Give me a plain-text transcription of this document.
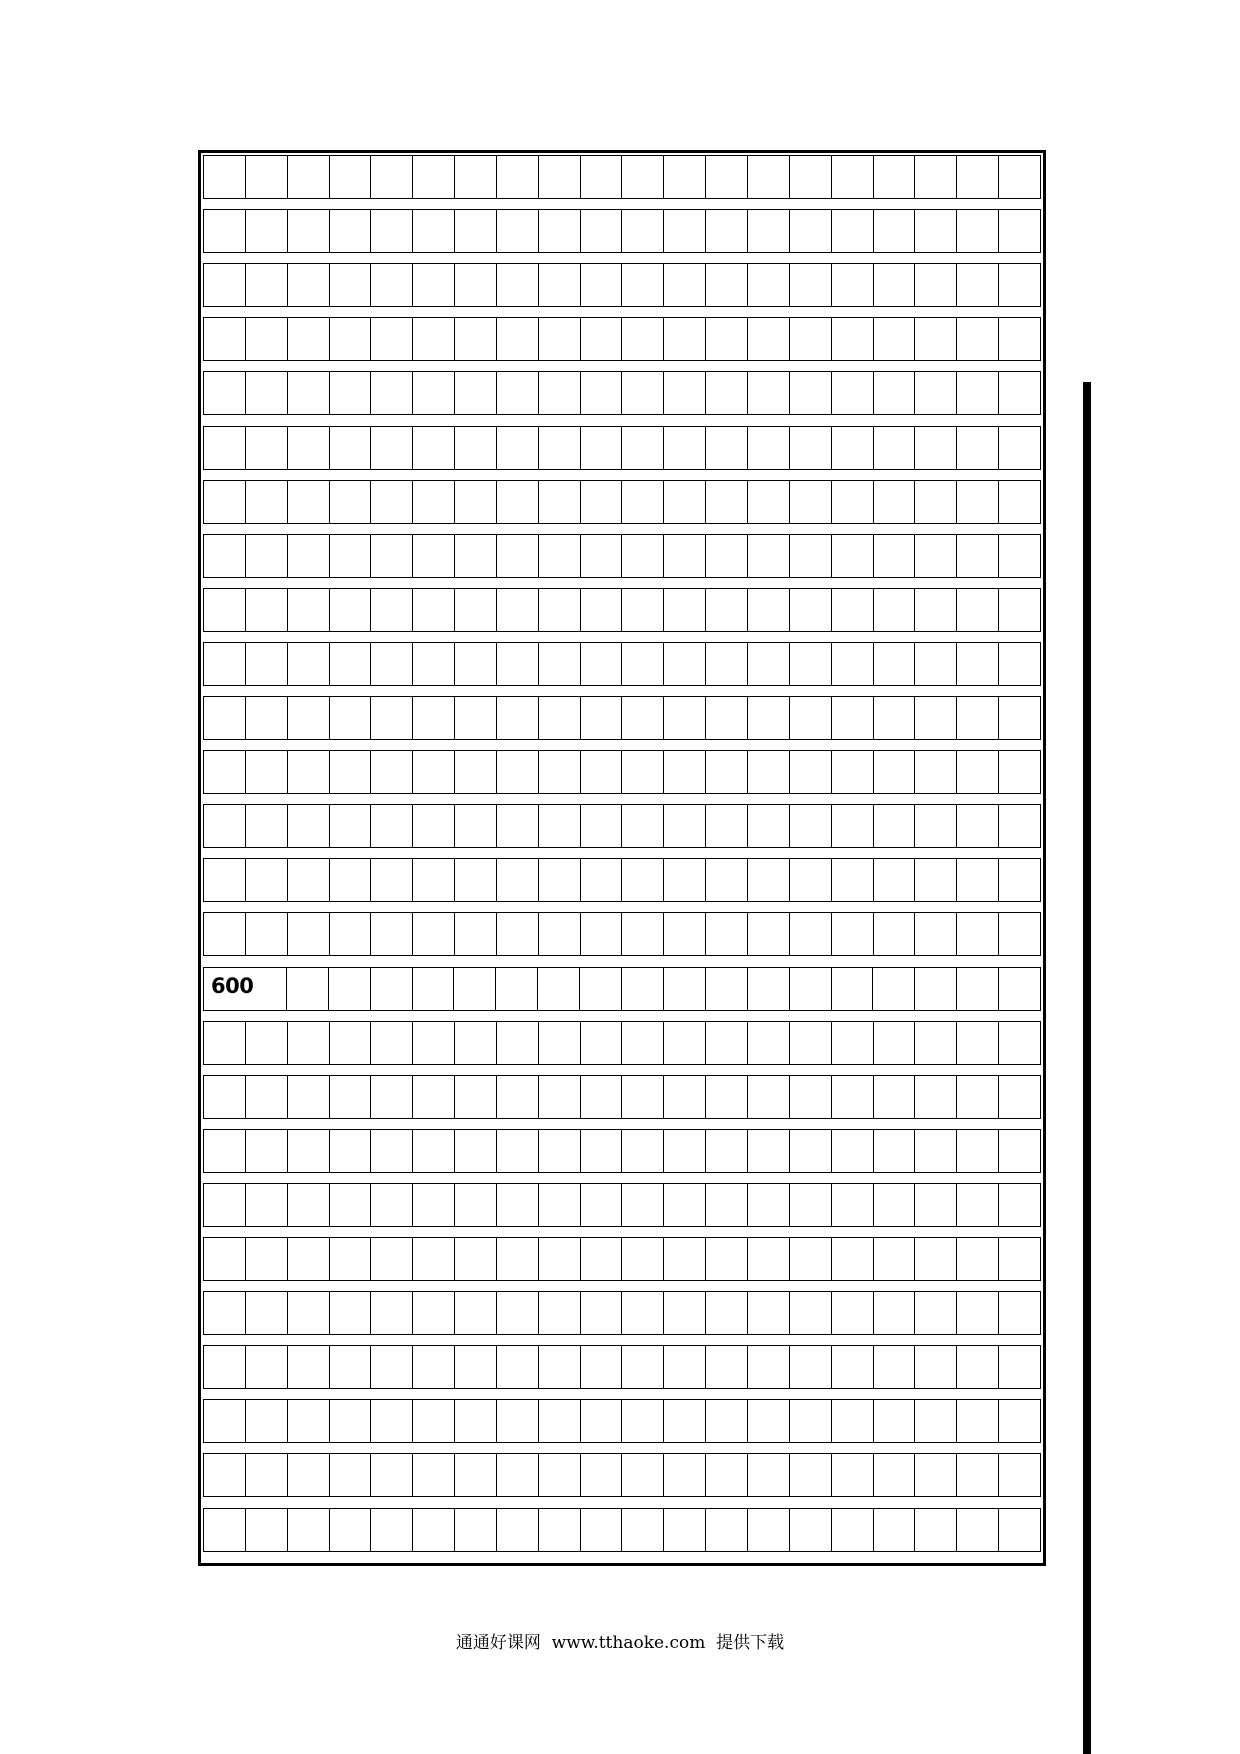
600
通通好课网  www.tthaoke.com  提供下载
